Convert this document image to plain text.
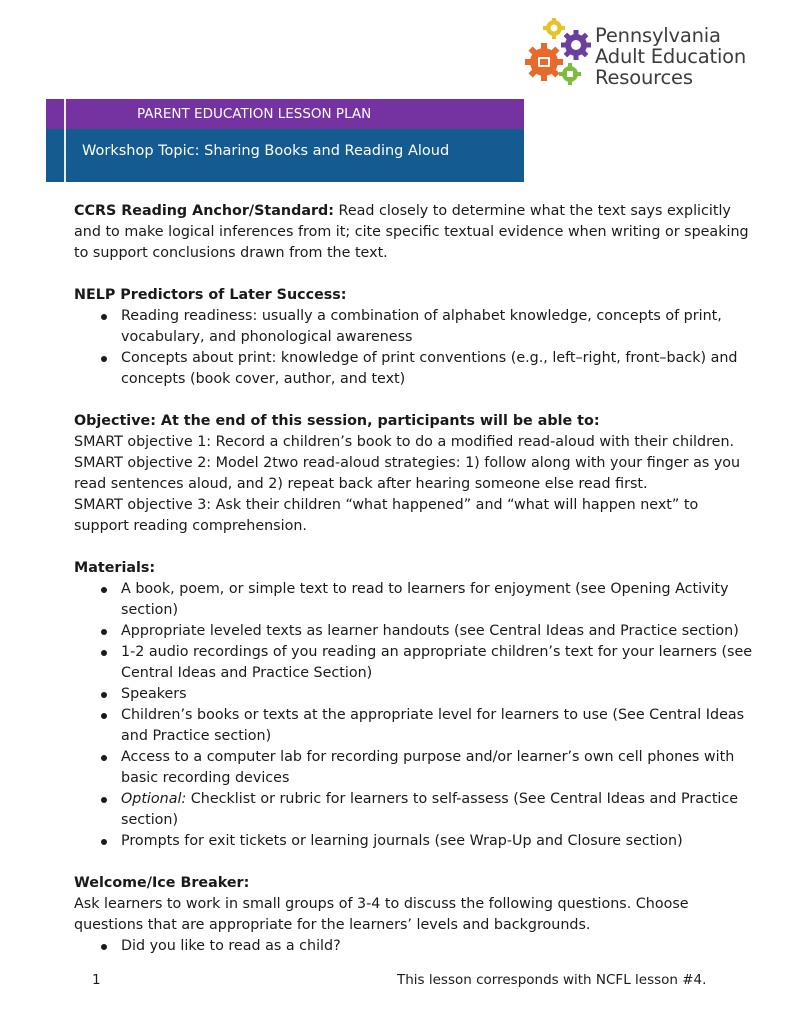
Pennsylvania
Adult Education
Resources
PARENT EDUCATION LESSON PLAN
Workshop Topic: Sharing Books and Reading Aloud

CCRS Reading Anchor/Standard: Read closely to determine what the text says explicitly and to make logical inferences from it; cite specific textual evidence when writing or speaking to support conclusions drawn from the text.

NELP Predictors of Later Success:

Reading readiness: usually a combination of alphabet knowledge, concepts of print, vocabulary, and phonological awareness
Concepts about print: knowledge of print conventions (e.g., left–right, front–back) and concepts (book cover, author, and text)

Objective: At the end of this session, participants will be able to:

SMART objective 1: Record a children’s book to do a modified read-aloud with their children.

SMART objective 2: Model 2two read-aloud strategies: 1) follow along with your finger as you read sentences aloud, and 2) repeat back after hearing someone else read first.

SMART objective 3: Ask their children “what happened” and “what will happen next” to support reading comprehension.

Materials:

A book, poem, or simple text to read to learners for enjoyment (see Opening Activity section)
Appropriate leveled texts as learner handouts (see Central Ideas and Practice section)
1-2 audio recordings of you reading an appropriate children’s text for your learners (see Central Ideas and Practice Section)
Speakers
Children’s books or texts at the appropriate level for learners to use (See Central Ideas and Practice section)
Access to a computer lab for recording purpose and/or learner’s own cell phones with basic recording devices
Optional: Checklist or rubric for learners to self-assess (See Central Ideas and Practice section)
Prompts for exit tickets or learning journals (see Wrap-Up and Closure section)

Welcome/Ice Breaker:

Ask learners to work in small groups of 3-4 to discuss the following questions. Choose questions that are appropriate for the learners’ levels and backgrounds.

Did you like to read as a child?
1	This lesson corresponds with NCFL lesson #4.
